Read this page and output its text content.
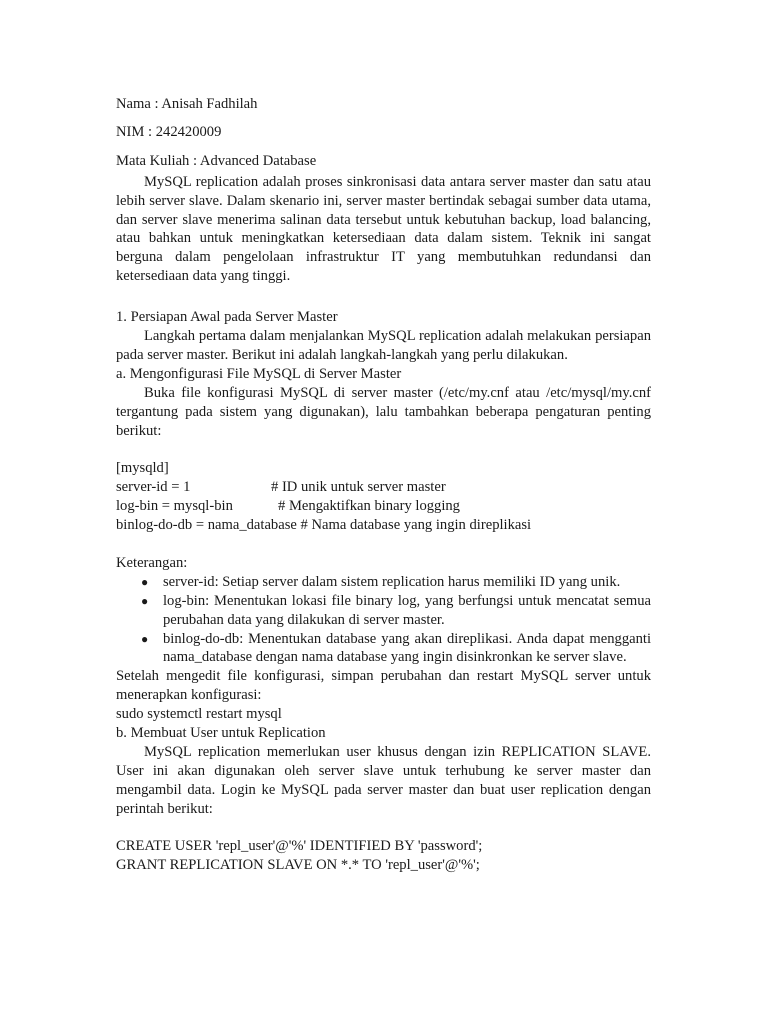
Nama : Anisah Fadhilah
NIM : 242420009
Mata Kuliah : Advanced Database

MySQL replication adalah proses sinkronisasi data antara server master dan satu atau lebih server slave. Dalam skenario ini, server master bertindak sebagai sumber data utama, dan server slave menerima salinan data tersebut untuk kebutuhan backup, load balancing, atau bahkan untuk meningkatkan ketersediaan data dalam sistem. Teknik ini sangat berguna dalam pengelolaan infrastruktur IT yang membutuhkan redundansi dan ketersediaan data yang tinggi.

1. Persiapan Awal pada Server Master

Langkah pertama dalam menjalankan MySQL replication adalah melakukan persiapan pada server master. Berikut ini adalah langkah-langkah yang perlu dilakukan.

a. Mengonfigurasi File MySQL di Server Master

Buka file konfigurasi MySQL di server master (/etc/my.cnf atau /etc/mysql/my.cnf tergantung pada sistem yang digunakan), lalu tambahkan beberapa pengaturan penting berikut:

[mysqld]
server-id = 1	# ID unik untuk server master
log-bin = mysql-bin	# Mengaktifkan binary logging
binlog-do-db = nama_database # Nama database yang ingin direplikasi
Keterangan:
● server-id: Setiap server dalam sistem replication harus memiliki ID yang unik.
● log-bin: Menentukan lokasi file binary log, yang berfungsi untuk mencatat semua perubahan data yang dilakukan di server master.
● binlog-do-db: Menentukan database yang akan direplikasi. Anda dapat mengganti nama_database dengan nama database yang ingin disinkronkan ke server slave.

Setelah mengedit file konfigurasi, simpan perubahan dan restart MySQL server untuk menerapkan konfigurasi:

sudo systemctl restart mysql
b. Membuat User untuk Replication

MySQL replication memerlukan user khusus dengan izin REPLICATION SLAVE. User ini akan digunakan oleh server slave untuk terhubung ke server master dan mengambil data. Login ke MySQL pada server master dan buat user replication dengan perintah berikut:

CREATE USER 'repl_user'@'%' IDENTIFIED BY 'password';
GRANT REPLICATION SLAVE ON *.* TO 'repl_user'@'%';
